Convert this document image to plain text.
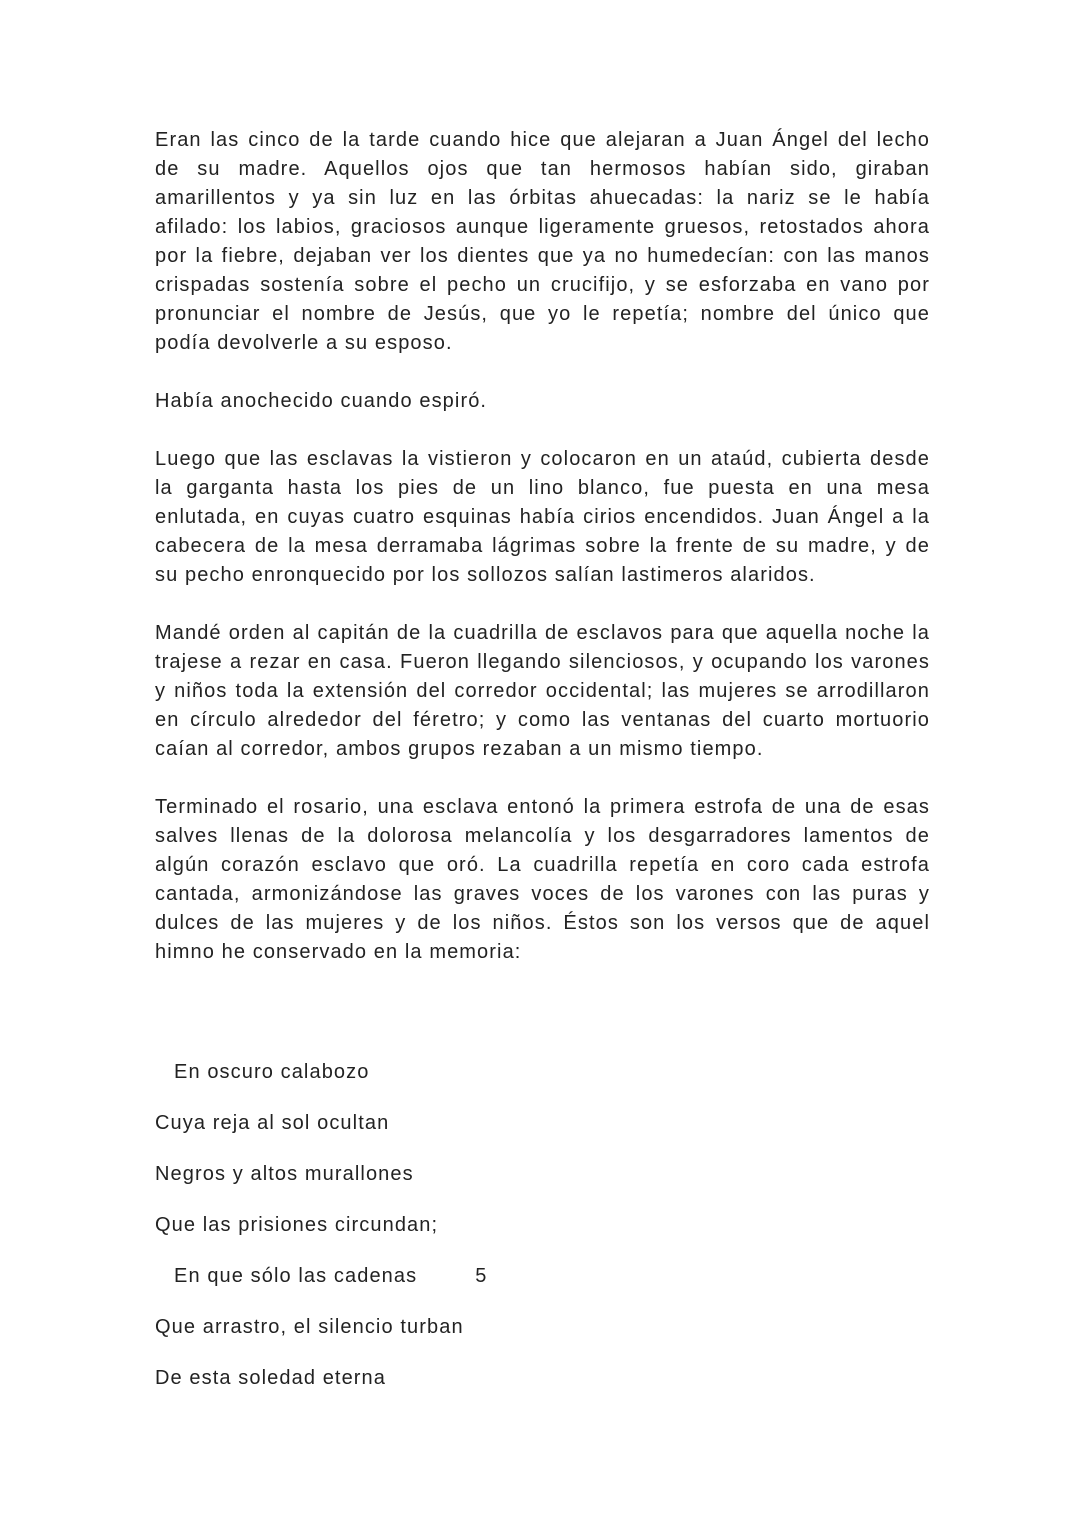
Eran las cinco de la tarde cuando hice que alejaran a Juan Ángel del lecho de su madre. Aquellos ojos que tan hermosos habían sido, giraban amarillentos y ya sin luz en las órbitas ahuecadas: la nariz se le había afilado: los labios, graciosos aunque ligeramente gruesos, retostados ahora por la fiebre, dejaban ver los dientes que ya no humedecían: con las manos crispadas sostenía sobre el pecho un crucifijo, y se esforzaba en vano por pronunciar el nombre de Jesús, que yo le repetía; nombre del único que podía devolverle a su esposo.

Había anochecido cuando espiró.

Luego que las esclavas la vistieron y colocaron en un ataúd, cubierta desde la garganta hasta los pies de un lino blanco, fue puesta en una mesa enlutada, en cuyas cuatro esquinas había cirios encendidos. Juan Ángel a la cabecera de la mesa derramaba lágrimas sobre la frente de su madre, y de su pecho enronquecido por los sollozos salían lastimeros alaridos.

Mandé orden al capitán de la cuadrilla de esclavos para que aquella noche la trajese a rezar en casa. Fueron llegando silenciosos, y ocupando los varones y niños toda la extensión del corredor occidental; las mujeres se arrodillaron en círculo alrededor del féretro; y como las ventanas del cuarto mortuorio caían al corredor, ambos grupos rezaban a un mismo tiempo.

Terminado el rosario, una esclava entonó la primera estrofa de una de esas salves llenas de la dolorosa melancolía y los desgarradores lamentos de algún corazón esclavo que oró. La cuadrilla repetía en coro cada estrofa cantada, armonizándose las graves voces de los varones con las puras y dulces de las mujeres y de los niños. Éstos son los versos que de aquel himno he conservado en la memoria:

En oscuro calabozo

Cuya reja al sol ocultan

Negros y altos murallones

Que las prisiones circundan;

En que sólo las cadenas	5

Que arrastro, el silencio turban

De esta soledad eterna
